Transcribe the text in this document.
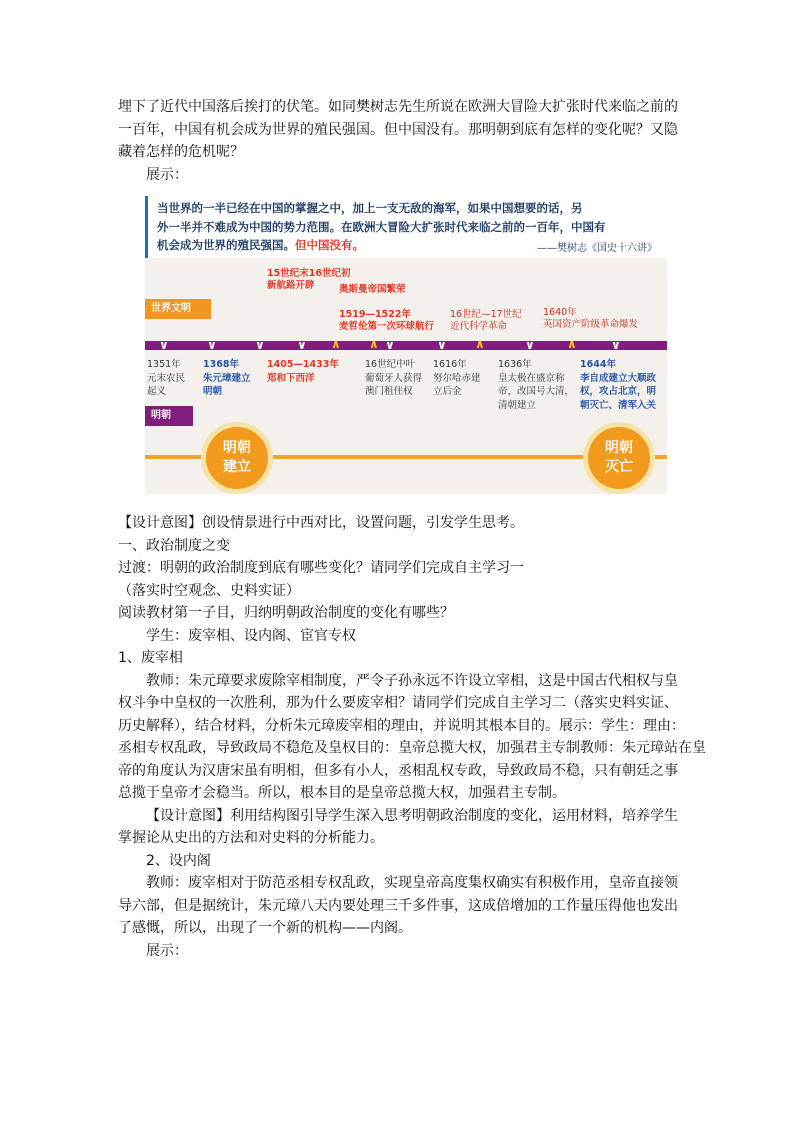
埋下了近代中国落后挨打的伏笔。如同樊树志先生所说在欧洲大冒险大扩张时代来临之前的

一百年，中国有机会成为世界的殖民强国。但中国没有。那明朝到底有怎样的变化呢？又隐

藏着怎样的危机呢？

展示：

当世界的一半已经在中国的掌握之中，加上一支无敌的海军，如果中国想要的话，另
外一半并不难成为中国的势力范围。在欧洲大冒险大扩张时代来临之前的一百年，中国有
机会成为世界的殖民强国。但中国没有。	——樊树志《国史十六讲》
15世纪末16世纪初
新航路开辟	奥斯曼帝国繁荣
1519—1522年
麦哲伦第一次环球航行
16世纪—17世纪
近代科学革命
1640年
英国资产阶级革命爆发
世界文明
∨	∨	∨	∨	∨
∧ ∧	∨ ∧	∨	∧	∨
1351年
元末农民
起义
1368年
朱元璋建立
明朝
1405—1433年
郑和下西洋
16世纪中叶
葡萄牙人获得
澳门租住权
1616年
努尔哈赤建
立后金
1636年
皇太极在盛京称
帝，改国号大清，
清朝建立
1644年
李自成建立大顺政
权，攻占北京，明
朝灭亡、清军入关
明朝
明朝建立
明朝灭亡

【设计意图】创设情景进行中西对比，设置问题，引发学生思考。

一、政治制度之变

过渡：明朝的政治制度到底有哪些变化？请同学们完成自主学习一

（落实时空观念、史料实证）

阅读教材第一子目，归纳明朝政治制度的变化有哪些？

学生：废宰相、设内阁、宦官专权

1、废宰相

教师：朱元璋要求废除宰相制度，严令子孙永远不许设立宰相，这是中国古代相权与皇

权斗争中皇权的一次胜利，那为什么要废宰相？请同学们完成自主学习二（落实史料实证、

历史解释），结合材料，分析朱元璋废宰相的理由，并说明其根本目的。展示：学生：理由：

丞相专权乱政，导致政局不稳危及皇权目的：皇帝总揽大权，加强君主专制教师：朱元璋站在皇

帝的角度认为汉唐宋虽有明相，但多有小人，丞相乱权专政，导致政局不稳，只有朝廷之事

总揽于皇帝才会稳当。所以，根本目的是皇帝总揽大权，加强君主专制。

【设计意图】利用结构图引导学生深入思考明朝政治制度的变化，运用材料，培养学生

掌握论从史出的方法和对史料的分析能力。

2、设内阁

教师：废宰相对于防范丞相专权乱政，实现皇帝高度集权确实有积极作用，皇帝直接领

导六部，但是据统计，朱元璋八天内要处理三千多件事，这成倍增加的工作量压得他也发出

了感慨，所以，出现了一个新的机构——内阁。

展示：
